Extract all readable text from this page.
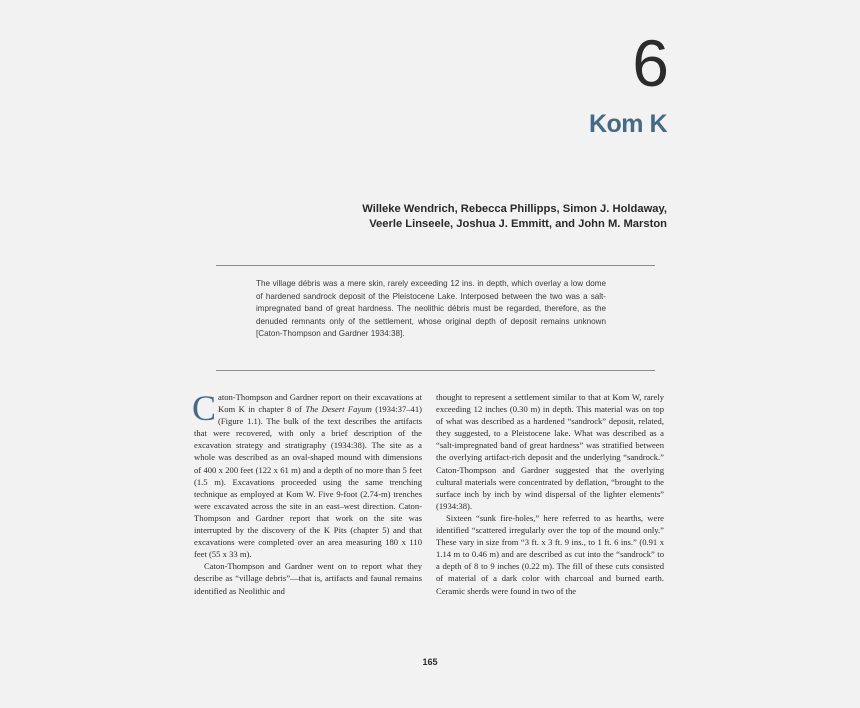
6
Kom K
Willeke Wendrich, Rebecca Phillipps, Simon J. Holdaway,
Veerle Linseele, Joshua J. Emmitt, and John M. Marston
The village débris was a mere skin, rarely exceeding 12 ins. in depth, which overlay a low dome of hardened sandrock deposit of the Pleistocene Lake. Interposed between the two was a salt-impregnated band of great hardness. The neolithic débris must be regarded, therefore, as the denuded remnants only of the settlement, whose original depth of deposit remains unknown [Caton-Thompson and Gardner 1934:38].

Caton-Thompson and Gardner report on their excavations at Kom K in chapter 8 of The Desert Fayum (1934:37–41) (Figure 1.1). The bulk of the text describes the artifacts that were recovered, with only a brief description of the excavation strategy and stratigraphy (1934:38). The site as a whole was described as an oval-shaped mound with dimensions of 400 x 200 feet (122 x 61 m) and a depth of no more than 5 feet (1.5 m). Excavations proceeded using the same trenching technique as employed at Kom W. Five 9-foot (2.74-m) trenches were excavated across the site in an east–west direction. Caton-Thompson and Gardner report that work on the site was interrupted by the discovery of the K Pits (chapter 5) and that excavations were completed over an area measuring 180 x 110 feet (55 x 33 m).

Caton-Thompson and Gardner went on to report what they describe as “village debris”—that is, artifacts and faunal remains identified as Neolithic and

thought to represent a settlement similar to that at Kom W, rarely exceeding 12 inches (0.30 m) in depth. This material was on top of what was described as a hardened “sandrock” deposit, related, they suggested, to a Pleistocene lake. What was described as a “salt-impregnated band of great hardness” was stratified between the overlying artifact-rich deposit and the underlying “sandrock.” Caton-Thompson and Gardner suggested that the overlying cultural materials were concentrated by deflation, “brought to the surface inch by inch by wind dispersal of the lighter elements” (1934:38).

Sixteen “sunk fire-holes,” here referred to as hearths, were identified “scattered irregularly over the top of the mound only.” These vary in size from “3 ft. x 3 ft. 9 ins., to 1 ft. 6 ins.” (0.91 x 1.14 m to 0.46 m) and are described as cut into the “sandrock” to a depth of 8 to 9 inches (0.22 m). The fill of these cuts consisted of material of a dark color with charcoal and burned earth. Ceramic sherds were found in two of the

165
